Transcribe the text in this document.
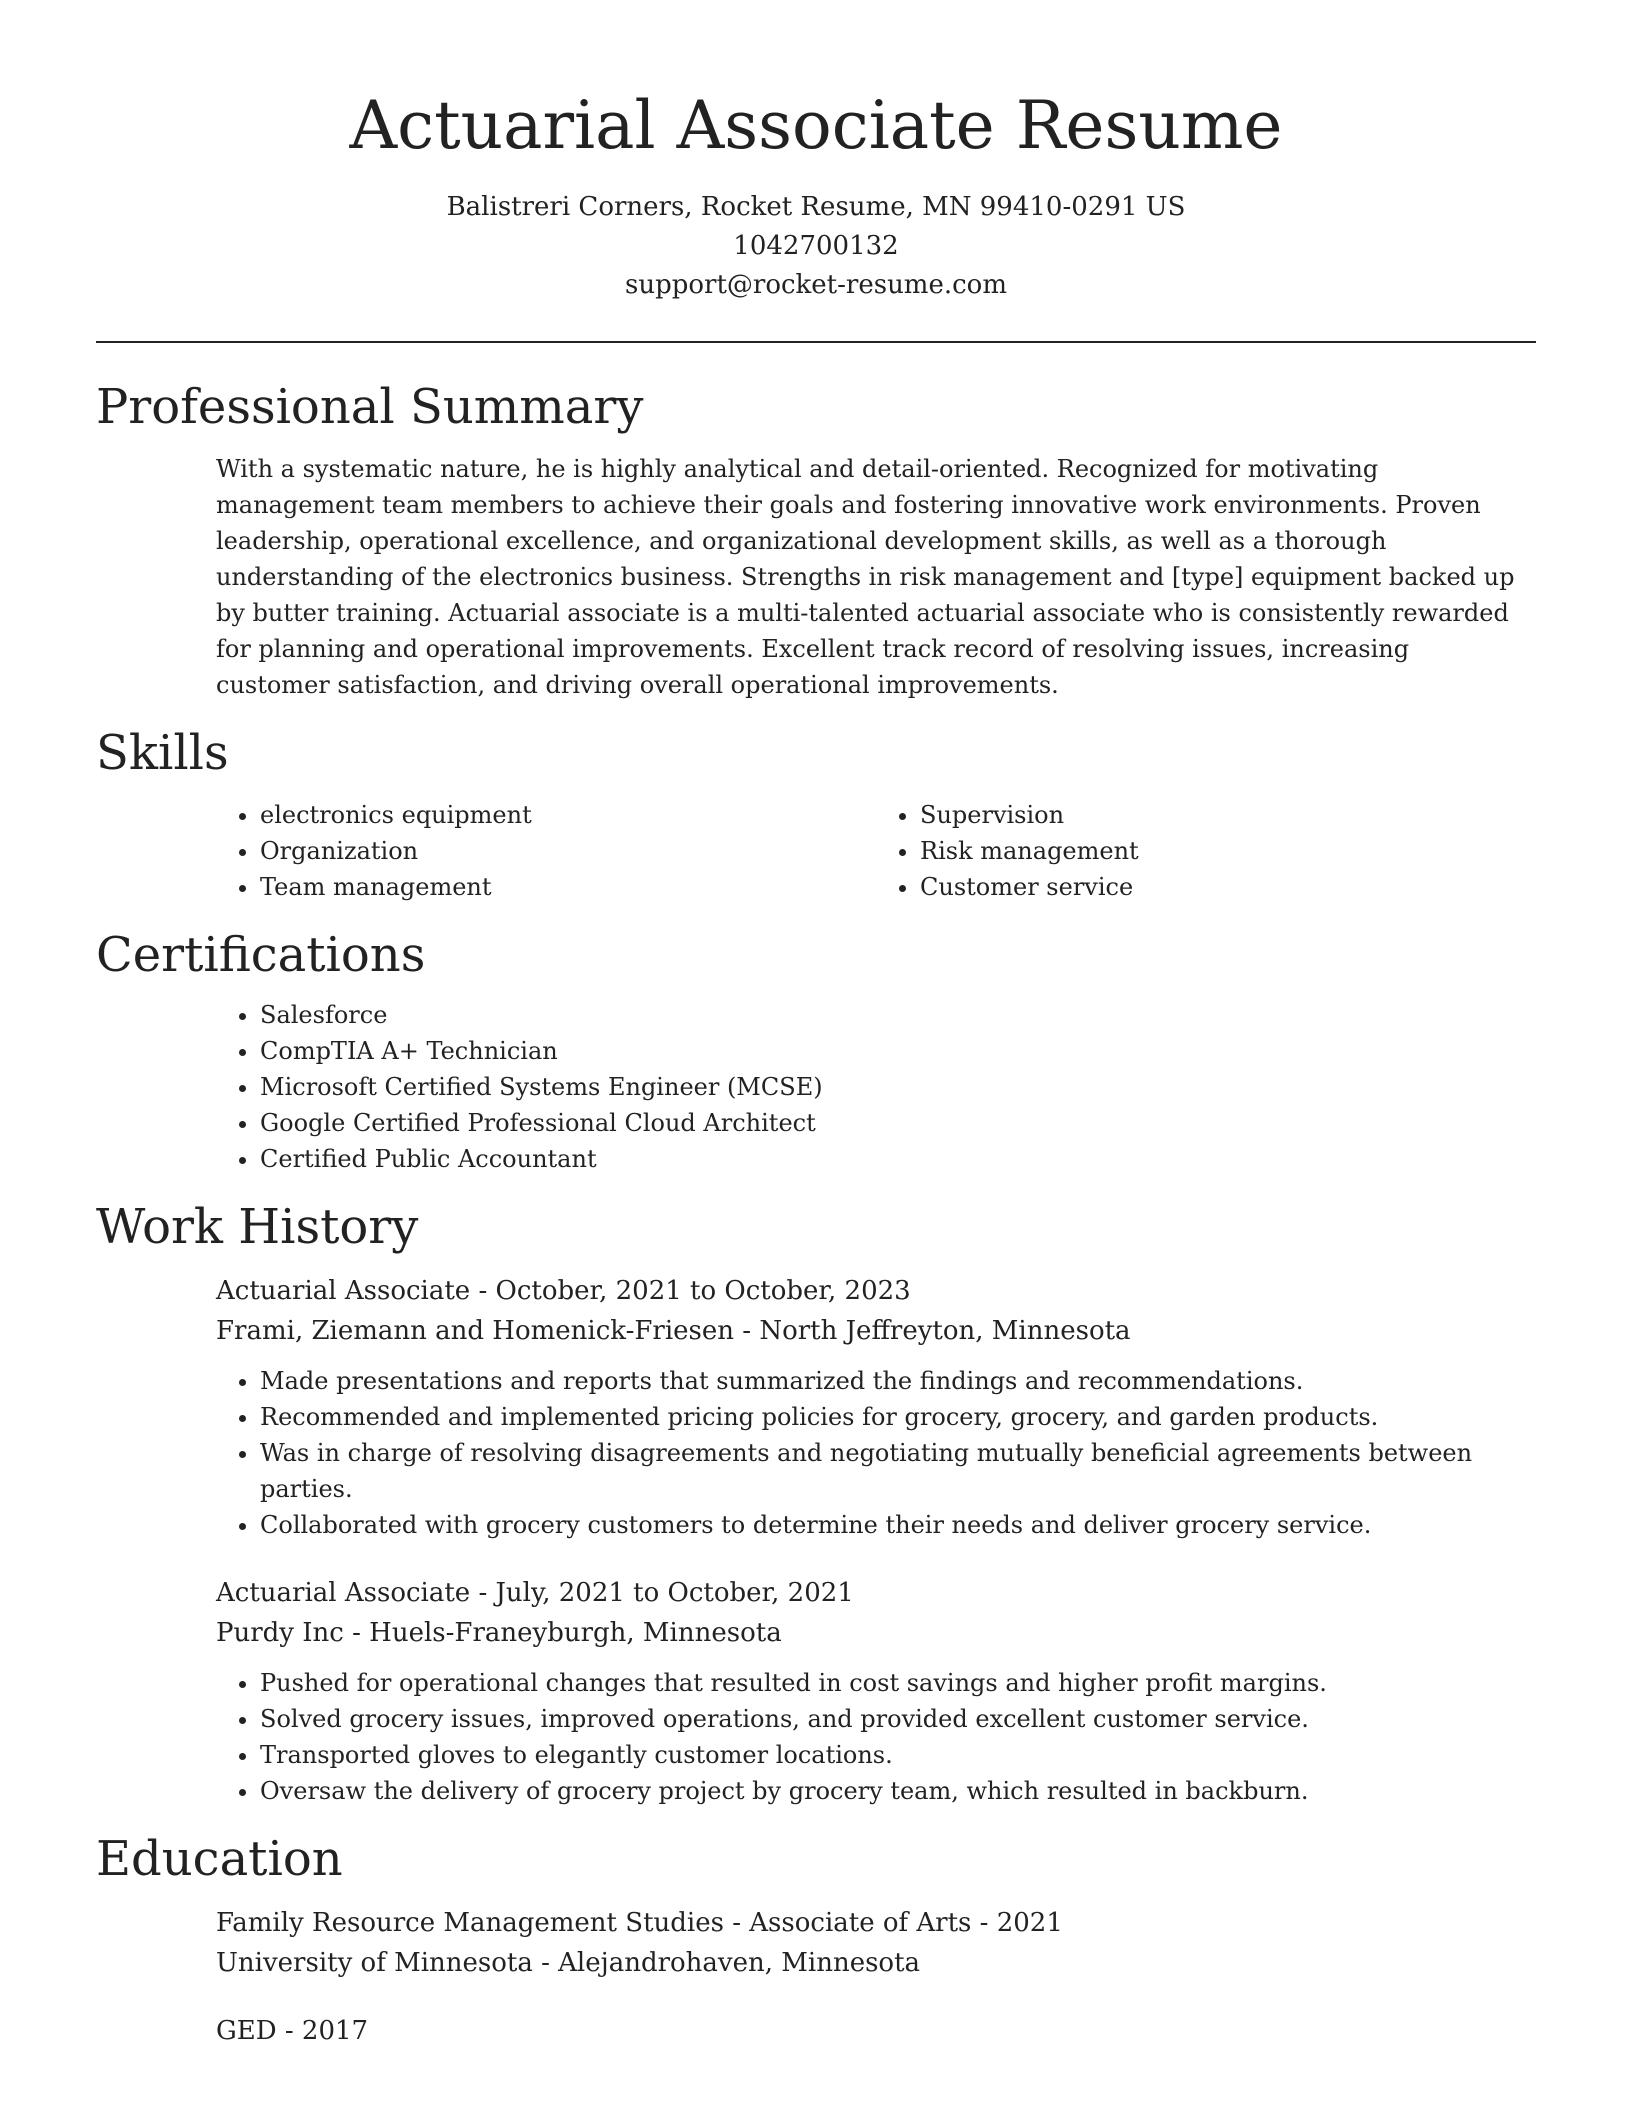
Actuarial Associate Resume
Balistreri Corners, Rocket Resume, MN 99410-0291 US
1042700132
support@rocket-resume.com
Professional Summary

With a systematic nature, he is highly analytical and detail-oriented. Recognized for motivating management team members to achieve their goals and fostering innovative work environments. Proven leadership, operational excellence, and organizational development skills, as well as a thorough understanding of the electronics business. Strengths in risk management and [type] equipment backed up by butter training. Actuarial associate is a multi-talented actuarial associate who is consistently rewarded for planning and operational improvements. Excellent track record of resolving issues, increasing customer satisfaction, and driving overall operational improvements.

Skills
• electronics equipment
• Organization
• Team management
• Supervision
• Risk management
• Customer service
Certifications
• Salesforce
• CompTIA A+ Technician
• Microsoft Certified Systems Engineer (MCSE)
• Google Certified Professional Cloud Architect
• Certified Public Accountant
Work History
Actuarial Associate - October, 2021 to October, 2023
Frami, Ziemann and Homenick-Friesen - North Jeffreyton, Minnesota
• Made presentations and reports that summarized the findings and recommendations.
• Recommended and implemented pricing policies for grocery, grocery, and garden products.
• Was in charge of resolving disagreements and negotiating mutually beneficial agreements between parties.
• Collaborated with grocery customers to determine their needs and deliver grocery service.
Actuarial Associate - July, 2021 to October, 2021
Purdy Inc - Huels-Franeyburgh, Minnesota
• Pushed for operational changes that resulted in cost savings and higher profit margins.
• Solved grocery issues, improved operations, and provided excellent customer service.
• Transported gloves to elegantly customer locations.
• Oversaw the delivery of grocery project by grocery team, which resulted in backburn.
Education
Family Resource Management Studies - Associate of Arts - 2021
University of Minnesota - Alejandrohaven, Minnesota
GED - 2017
